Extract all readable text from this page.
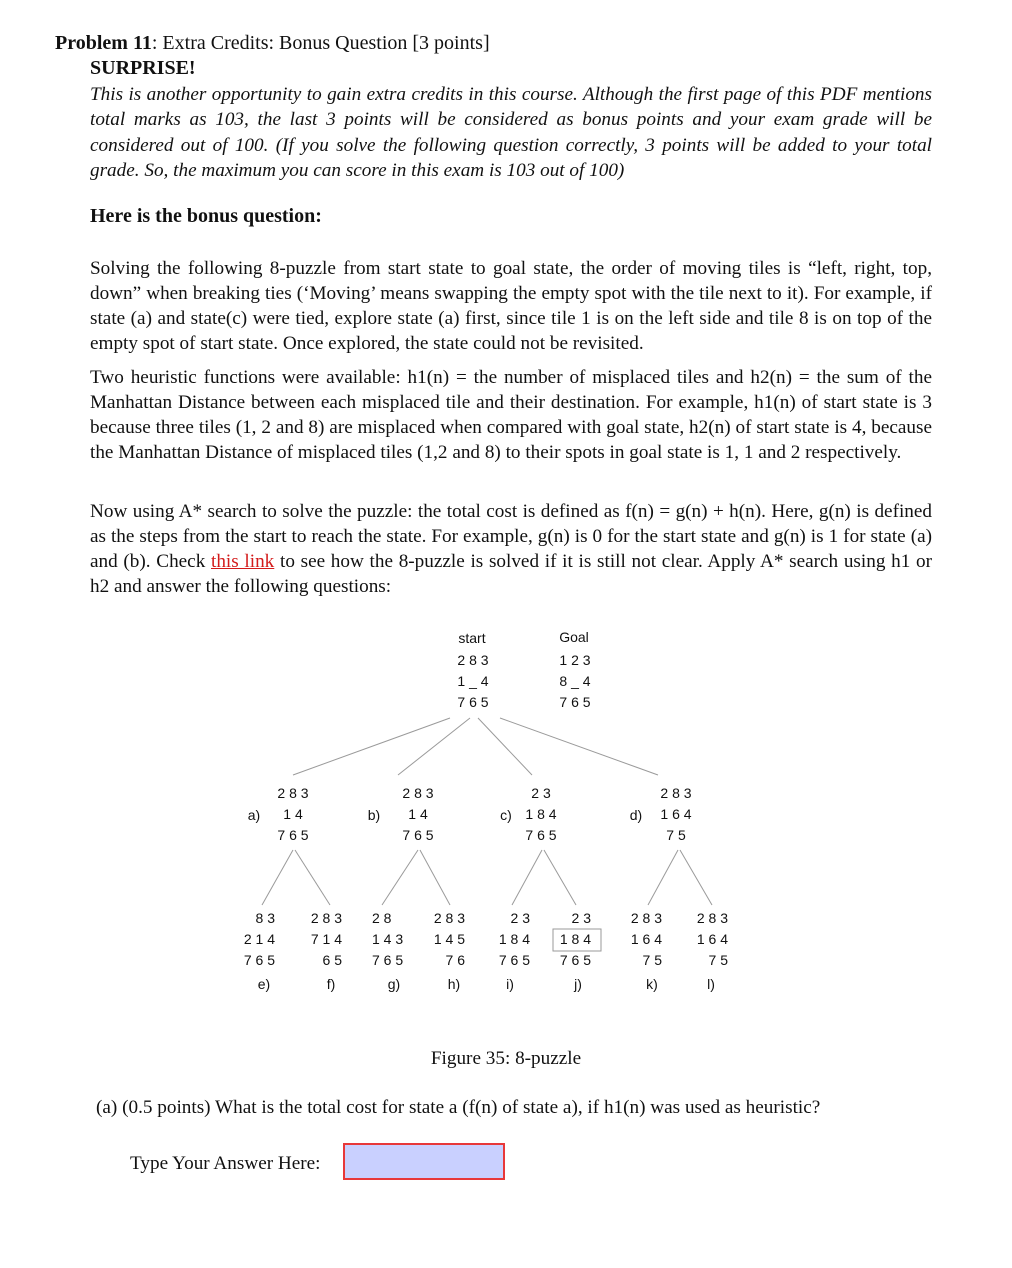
Problem 11: Extra Credits: Bonus Question [3 points]
SURPRISE!
This is another opportunity to gain extra credits in this course. Although the first page of this PDF mentions total marks as 103, the last 3 points will be considered as bonus points and your exam grade will be considered out of 100. (If you solve the following question correctly, 3 points will be added to your total grade. So, the maximum you can score in this exam is 103 out of 100)
Here is the bonus question:

Solving the following 8-puzzle from start state to goal state, the order of moving tiles is “left, right, top, down” when breaking ties (‘Moving’ means swapping the empty spot with the tile next to it). For example, if state (a) and state(c) were tied, explore state (a) first, since tile 1 is on the left side and tile 8 is on top of the empty spot of start state. Once explored, the state could not be revisited.

Two heuristic functions were available: h1(n) = the number of misplaced tiles and h2(n) = the sum of the Manhattan Distance between each misplaced tile and their destination. For example, h1(n) of start state is 3 because three tiles (1, 2 and 8) are misplaced when compared with goal state, h2(n) of start state is 4, because the Manhattan Distance of misplaced tiles (1,2 and 8) to their spots in goal state is 1, 1 and 2 respectively.

Now using A* search to solve the puzzle: the total cost is defined as f(n) = g(n) + h(n). Here, g(n) is defined as the steps from the start to reach the state. For example, g(n) is 0 for the start state and g(n) is 1 for state (a) and (b). Check this link to see how the 8-puzzle is solved if it is still not clear. Apply A* search using h1 or h2 and answer the following questions:

start
2 8 3
1 _ 4
7 6 5
Goal
1 2 3
8 _ 4
7 6 5
a)
2 8 3
1 4
7 6 5
b)
2 8 3
1 4
7 6 5
c)
2 3
1 8 4
7 6 5
d)
2 8 3
1 6 4
7 5
8 3
2 1 4
7 6 5
e)
2 8 3
7 1 4
6 5
f)
2 8
1 4 3
7 6 5
g)
2 8 3
1 4 5
7 6
h)
2 3
1 8 4
7 6 5
i)
2 3
1 8 4
7 6 5
j)
2 8 3
1 6 4
7 5
k)
2 8 3
1 6 4
7 5
l)
Figure 35: 8-puzzle
(a) (0.5 points) What is the total cost for state a (f(n) of state a), if h1(n) was used as heuristic?
Type Your Answer Here:
